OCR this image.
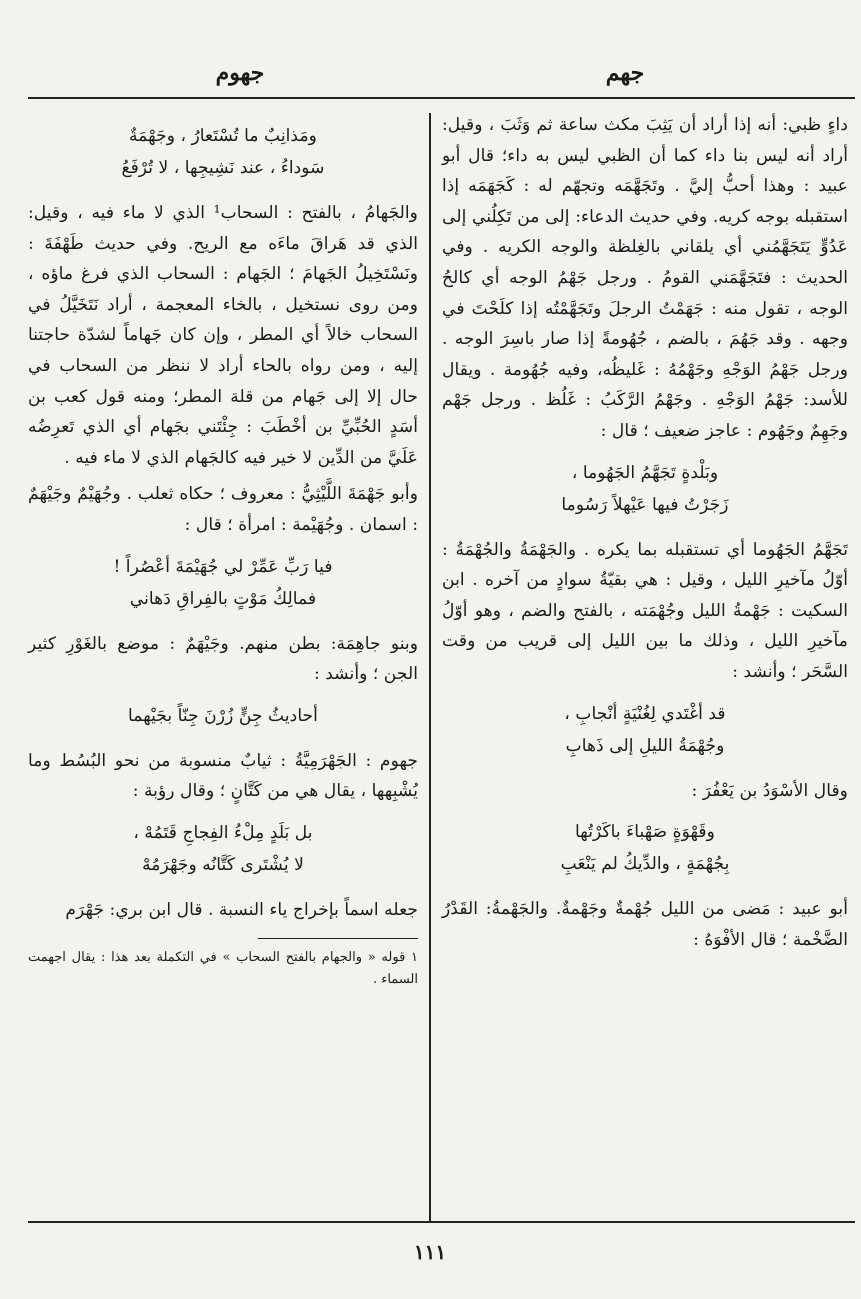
جهم
جهوم

داءٍ ظبي: أنه إذا أراد أن يَثِبَ مكث ساعة ثم وَثَبَ ، وقيل: أراد أنه ليس بنا داء كما أن الظبي ليس به داء؛ قال أبو عبيد : وهذا أحبُّ إليَّ . وتَجَهَّمَه وتجهّم له : كَجَهَمَه إذا استقبله بوجه كريه. وفي حديث الدعاء: إلى من تَكِلُني إلى عَدُوٍّ يَتَجَهَّمُني أي يلقاني بالغِلظة والوجه الكريه . وفي الحديث : فتَجَهَّمَني القومُ . ورجل جَهْمُ الوجه أي كالحُ الوجه ، تقول منه : جَهَمْتُ الرجلَ وتَجَهَّمْتُه إذا كلَحْتَ في وجهه . وقد جَهُمَ ، بالضم ، جُهُومةً إذا صار باسِرَ الوجه . ورجل جَهْمُ الوَجْهِ وجَهْمُهُ : غَليظُه، وفيه جُهُومة . ويقال للأسد: جَهْمُ الوَجْهِ . وجَهْمُ الرَّكَبُ : غَلُظ . ورجل جَهْم وجَهِمٌ وجَهُوم : عاجز ضعيف ؛ قال :

وبَلْدةٍ تَجَهَّمُ الجَهُوما ،
زَجَرْتُ فيها عَيْهلاً رَسُوما

تَجَهَّمُ الجَهُوما أي تستقبله بما يكره . والجَهْمَةُ والجُهْمَةُ : أوّلُ مآخيرِ الليل ، وقيل : هي بقيّةُ سوادٍ من آخره . ابن السكيت : جَهْمةُ الليل وجُهْمَته ، بالفتح والضم ، وهو أوّلُ مآخيرِ الليل ، وذلك ما بين الليل إلى قريب من وقت السَّحَر ؛ وأنشد :

قد أغْتَدي لِغُنْيَةٍ أنْجابِ ،
وجُهْمَةُ الليلِ إلى ذَهابِ

وقال الأسْوَدُ بن يَعْفُرَ :

وقَهْوَةٍ صَهْباءَ باكَرْتُها
بِجُهْمَةٍ ، والدِّيكُ لم يَنْعَبِ

أبو عبيد : مَضى من الليل جُهْمةٌ وجَهْمةٌ. والجَهْمةُ: القَدْرُ الضَّخْمة ؛ قال الأفْوَهُ :

ومَذانِبٌ ما تُسْتَعارُ ، وجَهْمَةٌ
سَوداءُ ، عند نَشِيجِها ، لا تُرْفَعُ

والجَهامُ ، بالفتح : السحاب¹ الذي لا ماء فيه ، وقيل: الذي قد هَراقَ ماءَه مع الريح. وفي حديث طَهْفَةَ : ونَسْتَخِيلُ الجَهامَ ؛ الجَهام : السحاب الذي فرغ ماؤه ، ومن روى نستخيل ، بالخاء المعجمة ، أراد نَتَخَيَّلُ في السحاب خالاً أي المطر ، وإن كان جَهاماً لشدّة حاجتنا إليه ، ومن رواه بالحاء أراد لا ننظر من السحاب في حال إلا إلى جَهام من قلة المطر؛ ومنه قول كعب بن أسَدٍ الحُبِّيِّ بن أخْطَبَ : جِئْتَني بجَهام أي الذي تَعرِضُه عَلَيَّ من الدِّين لا خير فيه كالجَهام الذي لا ماء فيه .

وأبو جَهْمَةَ اللَّيْثِيُّ : معروف ؛ حكاه ثعلب . وجُهَيْمٌ وجَيْهَمٌ : اسمان . وجُهَيْمة : امرأة ؛ قال :

فيا رَبِّ عَمِّرْ لي جُهَيْمَةَ أعْصُراً !
فمالِكُ مَوْتٍ بالفِراقِ دَهاني

وبنو جاهِمَة: بطن منهم. وجَيْهَمٌ : موضع بالغَوْرِ كثير الجن ؛ وأنشد :

أحاديثُ جِنٍّ زُرْنَ جِنّاً بجَيْهما

جهوم : الجَهْرَمِيَّةُ : ثيابٌ منسوبة من نحو البُسُط وما يُشْبِهها ، يقال هي من كَتَّانٍ ؛ وقال رؤبة :

بل بَلَدٍ مِلْءُ الفِجاجِ قَتَمُهْ ،
لا يُشْتَرى كَتَّانُه وجَهْرَمُهْ

جعله اسماً بإخراج ياء النسبة . قال ابن بري: جَهْرَم

١ قوله « والجهام بالفتح السحاب » في التكملة بعد هذا : يقال اجهمت السماء .
١١١
